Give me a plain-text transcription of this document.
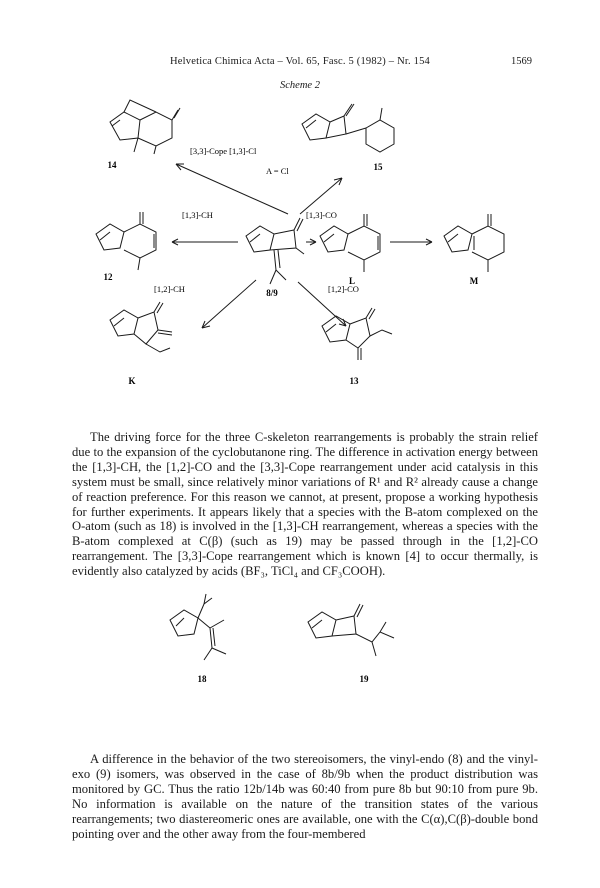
Helvetica Chimica Acta – Vol. 65, Fasc. 5 (1982) – Nr. 154	1569
Scheme 2
14	15
12
8/9
L	M
K	13
[3,3]-Cope [1,3]-Cl
A = Cl
[1,3]-CH	[1,3]-CO
[1,2]-CH	[1,2]-CO

The driving force for the three C-skeleton rearrangements is probably the strain relief due to the expansion of the cyclobutanone ring. The difference in activation energy between the [1,3]-CH, the [1,2]-CO and the [3,3]-Cope rearrangement under acid catalysis in this system must be small, since relatively minor variations of R¹ and R² already cause a change of reaction preference. For this reason we cannot, at present, propose a working hypothesis for further experiments. It appears likely that a species with the B-atom complexed on the O-atom (such as 18) is involved in the [1,3]-CH rearrangement, whereas a species with the B-atom complexed at C(β) (such as 19) may be passed through in the [1,2]-CO rearrangement. The [3,3]-Cope rearrangement which is known [4] to occur thermally, is evidently also catalyzed by acids (BF₃, TiCl₄ and CF₃COOH).

18	19

A difference in the behavior of the two stereoisomers, the vinyl-endo (8) and the vinyl-exo (9) isomers, was observed in the case of 8b/9b when the product distribution was monitored by GC. Thus the ratio 12b/14b was 60:40 from pure 8b but 90:10 from pure 9b. No information is available on the nature of the transition states of the various rearrangements; two diastereomeric ones are available, one with the C(α),C(β)-double bond pointing over and the other away from the four-membered
